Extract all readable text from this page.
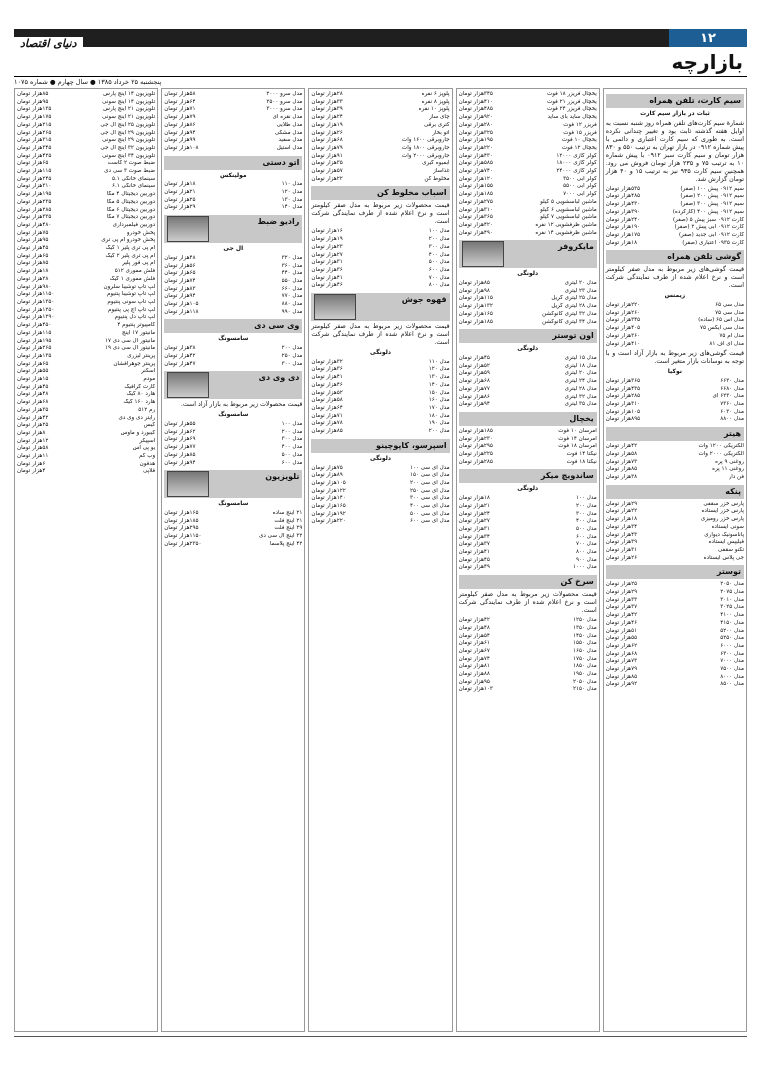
۱۲
دنیای اقتصاد
بازارچه
پنجشنبه ۲۵ خرداد ۱۳۸۵ ● سال چهارم ● شماره ۱۰۷۵
سیم کارت، تلفن همراه
ثبات در بازار سیم کارت
شمارهٔ سیم کارت‌های تلفن همراه روز شنبه نسبت به اوایل هفته گذشته ثابت بود و تغییر چندانی نکرده است. به طوری که سیم کارت اعتباری و دائمی با پیش شماره ۰۹۱۲ در بازار تهران به ترتیب ۵۵۰ و ۸۳۰ هزار تومان و سیم کارت سبز ۰۹۱۲ با پیش شماره ۱۰ به ترتیب ۷۵ و ۲۳۵ هزار تومان فروش می رود. همچنین سیم کارت ۹۳۵ نیز به ترتیب ۱۵ و ۴۰ هزار تومان گزارش شد.
سیم ۰۹۱۲ پیش ۱۰۰ (صفر)
۵۳۵هزار تومان
سیم ۰۹۱۲ پیش ۲۰۰ (صفر)
۴۸۵هزار تومان
سیم ۰۹۱۲ پیش ۳۰۰ (صفر)
۴۳۰هزار تومان
سیم ۰۹۱۲ پیش ۴۰۰ (کارکرده)
۳۹۰هزار تومان
کارت ۰۹۱۲ سبز پیش ۵ (صفر)
۲۴۰هزار تومان
کارت ۰۹۱۲ آبی پیش ۲ (صفر)
۱۹۰هزار تومان
کارت ۰۹۱۲ آبی جدید (صفر)
۱۷۵هزار تومان
کارت ۰۹۳۵ اعتباری (صفر)
۱۸هزار تومان
گوشی تلفن همراه
قیمت گوشی‌های زیر مربوط به مدل صفر کیلومتر است و نرخ اعلام شده از طرف نمایندگی شرکت است.
زیمنس
مدل سی ۶۵
۲۲۰هزار تومان
مدل سی ۷۵
۲۶۰هزار تومان
مدل اس ۶۵ (ساده)
۳۴۵هزار تومان
مدل سی ایکس ۷۵
۴۰۵هزار تومان
مدل ام ۷۵
۳۶۰هزار تومان
مدل ای اف ۸۱
۴۱۰هزار تومان
قیمت گوشی‌های زیر مربوط به بازار آزاد است و با توجه به نوسانات بازار متغیر است.
نوکیا
مدل ۶۶۳۰
۳۶۵هزار تومان
مدل ۶۶۸۰
۴۳۵هزار تومان
مدل ۶۲۳۰ آی
۲۸۵هزار تومان
مدل ۷۳۶۰
۳۱۰هزار تومان
مدل ۶۰۳۰
۱۰۵هزار تومان
مدل ۸۸۰۰
۸۹۵هزار تومان
هیتر
الکتریکی ۱۲۰۰ وات
۴۲هزار تومان
الکتریکی ۲۰۰۰ وات
۵۸هزار تومان
روغنی ۹ پره
۷۳هزار تومان
روغنی ۱۱ پره
۸۵هزار تومان
فن دار
۳۸هزار تومان
پنکه
پارس خزر سقفی
۲۹هزار تومان
پارس خزر ایستاده
۲۲هزار تومان
پارس خزر رومیزی
۱۸هزار تومان
سونی ایستاده
۳۴هزار تومان
پاناسونیک دیواری
۴۳هزار تومان
فیلیپس ایستاده
۳۹هزار تومان
تکنو سقفی
۳۱هزار تومان
جی پلاس ایستاده
۲۶هزار تومان
توستر
مدل ۲۰۵۰
۲۵هزار تومان
مدل ۲۰۷۵
۲۹هزار تومان
مدل ۳۰۱۰
۳۳هزار تومان
مدل ۳۰۲۵
۳۷هزار تومان
مدل ۴۱۰۰
۴۲هزار تومان
مدل ۴۱۵۰
۴۶هزار تومان
مدل ۵۲۰۰
۵۱هزار تومان
مدل ۵۲۵۰
۵۵هزار تومان
مدل ۶۰۰۰
۶۲هزار تومان
مدل ۶۳۰۰
۶۸هزار تومان
مدل ۷۰۰۰
۷۳هزار تومان
مدل ۷۵۰۰
۷۹هزار تومان
مدل ۸۰۰۰
۸۵هزار تومان
مدل ۸۵۰۰
۹۲هزار تومان
یخچال فریزر ۱۸ فوت
۳۴۵هزار تومان
یخچال فریزر ۲۱ فوت
۴۱۰هزار تومان
یخچال فریزر ۲۴ فوت
۴۸۵هزار تومان
یخچال ساید بای ساید
۹۲۰هزار تومان
فریزر ۱۲ فوت
۲۸۰هزار تومان
فریزر ۱۵ فوت
۳۲۵هزار تومان
یخچال ۱۰ فوت
۱۹۵هزار تومان
یخچال ۱۲ فوت
۲۲۰هزار تومان
کولر گازی ۱۲۰۰۰
۴۳۰هزار تومان
کولر گازی ۱۸۰۰۰
۵۸۵هزار تومان
کولر گازی ۲۴۰۰۰
۷۴۰هزار تومان
کولر آبی ۳۵۰۰
۱۲۰هزار تومان
کولر آبی ۵۵۰۰
۱۵۵هزار تومان
کولر آبی ۷۰۰۰
۱۸۵هزار تومان
ماشین لباسشویی ۵ کیلو
۲۷۵هزار تومان
ماشین لباسشویی ۶ کیلو
۳۱۰هزار تومان
ماشین لباسشویی ۷ کیلو
۳۶۵هزار تومان
ماشین ظرفشویی ۱۲ نفره
۴۲۰هزار تومان
ماشین ظرفشویی ۱۴ نفره
۴۹۰هزار تومان
مایکروفر
دلونگی
مدل ۲۰ لیتری
۸۵هزار تومان
مدل ۲۳ لیتری
۹۸هزار تومان
مدل ۲۵ لیتری گریل
۱۱۵هزار تومان
مدل ۲۸ لیتری گریل
۱۳۲هزار تومان
مدل ۳۲ لیتری کانوکشن
۱۶۵هزار تومان
مدل ۳۴ لیتری کانوکشن
۱۸۵هزار تومان
اون توستر
دلونگی
مدل ۱۵ لیتری
۴۵هزار تومان
مدل ۱۸ لیتری
۵۲هزار تومان
مدل ۲۰ لیتری
۵۹هزار تومان
مدل ۲۴ لیتری
۶۸هزار تومان
مدل ۲۸ لیتری
۷۷هزار تومان
مدل ۳۲ لیتری
۸۶هزار تومان
مدل ۳۵ لیتری
۹۴هزار تومان
یخچال
امرسان ۱۰ فوت
۱۸۵هزار تومان
امرسان ۱۴ فوت
۲۳۰هزار تومان
امرسان ۱۸ فوت
۲۹۵هزار تومان
نیکتا ۱۴ فوت
۲۲۵هزار تومان
نیکتا ۱۸ فوت
۲۸۵هزار تومان
ساندویچ میکر
دلونگی
مدل ۱۰۰
۱۸هزار تومان
مدل ۲۰۰
۲۱هزار تومان
مدل ۳۰۰
۲۴هزار تومان
مدل ۴۰۰
۲۷هزار تومان
مدل ۵۰۰
۳۱هزار تومان
مدل ۶۰۰
۳۴هزار تومان
مدل ۷۰۰
۳۷هزار تومان
مدل ۸۰۰
۴۱هزار تومان
مدل ۹۰۰
۴۵هزار تومان
مدل ۱۰۰۰
۴۹هزار تومان
سرخ کن
قیمت محصولات زیر مربوط به مدل صفر کیلومتر است و نرخ اعلام شده از طرف نمایندگی شرکت است.
مدل ۱۲۵۰
۴۲هزار تومان
مدل ۱۳۵۰
۴۸هزار تومان
مدل ۱۴۵۰
۵۴هزار تومان
مدل ۱۵۵۰
۶۱هزار تومان
مدل ۱۶۵۰
۶۷هزار تومان
مدل ۱۷۵۰
۷۴هزار تومان
مدل ۱۸۵۰
۸۱هزار تومان
مدل ۱۹۵۰
۸۸هزار تومان
مدل ۲۰۵۰
۹۵هزار تومان
مدل ۲۱۵۰
۱۰۳هزار تومان
پلوپز ۶ نفره
۲۸هزار تومان
پلوپز ۸ نفره
۳۳هزار تومان
پلوپز ۱۰ نفره
۳۹هزار تومان
چای ساز
۲۴هزار تومان
کتری برقی
۱۹هزار تومان
اتو بخار
۲۶هزار تومان
جاروبرقی ۱۶۰۰ وات
۶۸هزار تومان
جاروبرقی ۱۸۰۰ وات
۷۹هزار تومان
جاروبرقی ۲۰۰۰ وات
۹۱هزار تومان
آبمیوه گیری
۳۵هزار تومان
غذاساز
۵۷هزار تومان
مخلوط کن
۲۲هزار تومان
اسباب مخلوط کن
قیمت محصولات زیر مربوط به مدل صفر کیلومتر است و نرخ اعلام شده از طرف نمایندگی شرکت است.
مدل ۱۰۰
۱۶هزار تومان
مدل ۲۰۰
۱۹هزار تومان
مدل ۳۰۰
۲۳هزار تومان
مدل ۴۰۰
۲۷هزار تومان
مدل ۵۰۰
۳۱هزار تومان
مدل ۶۰۰
۳۶هزار تومان
مدل ۷۰۰
۴۱هزار تومان
مدل ۸۰۰
۴۶هزار تومان
قهوه جوش
قیمت محصولات زیر مربوط به مدل صفر کیلومتر است و نرخ اعلام شده از طرف نمایندگی شرکت است.
دلونگی
مدل ۱۱۰
۳۲هزار تومان
مدل ۱۲۰
۳۶هزار تومان
مدل ۱۳۰
۴۱هزار تومان
مدل ۱۴۰
۴۶هزار تومان
مدل ۱۵۰
۵۲هزار تومان
مدل ۱۶۰
۵۸هزار تومان
مدل ۱۷۰
۶۴هزار تومان
مدل ۱۸۰
۷۱هزار تومان
مدل ۱۹۰
۷۸هزار تومان
مدل ۲۰۰
۸۵هزار تومان
اسپرسو، کاپوچینو
دلونگی
مدل ای سی ۱۰۰
۷۵هزار تومان
مدل ای سی ۱۵۰
۸۹هزار تومان
مدل ای سی ۲۰۰
۱۰۵هزار تومان
مدل ای سی ۲۵۰
۱۲۲هزار تومان
مدل ای سی ۳۰۰
۱۴۰هزار تومان
مدل ای سی ۴۰۰
۱۶۵هزار تومان
مدل ای سی ۵۰۰
۱۹۲هزار تومان
مدل ای سی ۶۰۰
۲۲۰هزار تومان
مدل سرو ۲۰۰۰
۵۸هزار تومان
مدل سرو ۲۵۰۰
۶۴هزار تومان
مدل سرو ۳۰۰۰
۷۱هزار تومان
مدل نقره ای
۷۹هزار تومان
مدل طلایی
۸۶هزار تومان
مدل مشکی
۹۴هزار تومان
مدل سفید
۹۹هزار تومان
مدل استیل
۱۰۸هزار تومان
اتو دستی
مولینکس
مدل ۱۱۰
۱۸هزار تومان
مدل ۱۲۰
۲۱هزار تومان
مدل ۱۳۰
۲۵هزار تومان
مدل ۱۴۰
۲۹هزار تومان
رادیو ضبط
ال جی
مدل ۳۲۰
۴۸هزار تومان
مدل ۳۶۰
۵۶هزار تومان
مدل ۴۴۰
۶۵هزار تومان
مدل ۵۵۰
۷۴هزار تومان
مدل ۶۶۰
۸۳هزار تومان
مدل ۷۷۰
۹۴هزار تومان
مدل ۸۸۰
۱۰۵هزار تومان
مدل ۹۹۰
۱۱۸هزار تومان
وی سی دی
سامسونگ
مدل ۲۰۰
۳۸هزار تومان
مدل ۲۵۰
۴۲هزار تومان
مدل ۳۰۰
۴۷هزار تومان
دی وی دی
قیمت محصولات زیر مربوط به بازار آزاد است.
سامسونگ
مدل ۱۰۰
۵۵هزار تومان
مدل ۲۰۰
۶۲هزار تومان
مدل ۳۰۰
۶۹هزار تومان
مدل ۴۰۰
۷۷هزار تومان
مدل ۵۰۰
۸۵هزار تومان
مدل ۶۰۰
۹۴هزار تومان
تلویزیون
سامسونگ
۲۱ اینچ ساده
۱۶۵هزار تومان
۲۱ اینچ فلت
۱۸۵هزار تومان
۲۹ اینچ فلت
۲۹۵هزار تومان
۳۲ اینچ ال سی دی
۱۱۵۰هزار تومان
۴۲ اینچ پلاسما
۲۳۵۰هزار تومان
تلویزیون ۱۴ اینچ پارس
۸۵هزار تومان
تلویزیون ۱۴ اینچ سونی
۹۵هزار تومان
تلویزیون ۲۱ اینچ پارس
۱۳۵هزار تومان
تلویزیون ۲۱ اینچ سونی
۱۷۵هزار تومان
تلویزیون ۲۵ اینچ ال جی
۲۱۵هزار تومان
تلویزیون ۲۹ اینچ ال جی
۲۶۵هزار تومان
تلویزیون ۲۹ اینچ سونی
۳۱۵هزار تومان
تلویزیون ۳۲ اینچ ال جی
۳۴۵هزار تومان
تلویزیون ۳۴ اینچ سونی
۴۲۵هزار تومان
ضبط صوت ۲ کاست
۶۵هزار تومان
ضبط صوت ۳ سی دی
۱۱۵هزار تومان
سینمای خانگی ۵.۱
۲۴۵هزار تومان
سینمای خانگی ۶.۱
۳۱۰هزار تومان
دوربین دیجیتال ۴ مگا
۱۹۵هزار تومان
دوربین دیجیتال ۵ مگا
۲۳۵هزار تومان
دوربین دیجیتال ۶ مگا
۲۸۵هزار تومان
دوربین دیجیتال ۷ مگا
۳۳۵هزار تومان
دوربین فیلمبرداری
۴۸۰هزار تومان
پخش خودرو
۷۵هزار تومان
پخش خودرو ام پی تری
۹۵هزار تومان
ام پی تری پلیر ۱ گیگ
۴۵هزار تومان
ام پی تری پلیر ۲ گیگ
۶۵هزار تومان
ام پی فور پلیر
۸۵هزار تومان
فلش مموری ۵۱۲
۱۸هزار تومان
فلش مموری ۱ گیگ
۲۸هزار تومان
لپ تاپ توشیبا سلرون
۹۸۰هزار تومان
لپ تاپ توشیبا پنتیوم
۱۱۵۰هزار تومان
لپ تاپ سونی پنتیوم
۱۳۵۰هزار تومان
لپ تاپ اچ پی پنتیوم
۱۲۵۰هزار تومان
لپ تاپ دل پنتیوم
۱۲۹۰هزار تومان
کامپیوتر پنتیوم ۴
۴۵۰هزار تومان
مانیتور ۱۷ اینچ
۱۱۵هزار تومان
مانیتور ال سی دی ۱۷
۱۹۵هزار تومان
مانیتور ال سی دی ۱۹
۲۶۵هزار تومان
پرینتر لیزری
۱۳۵هزار تومان
پرینتر جوهرافشان
۶۵هزار تومان
اسکنر
۵۵هزار تومان
مودم
۱۵هزار تومان
کارت گرافیک
۴۵هزار تومان
هارد ۸۰ گیگ
۴۸هزار تومان
هارد ۱۶۰ گیگ
۶۸هزار تومان
رم ۵۱۲
۳۵هزار تومان
رایتر دی وی دی
۴۲هزار تومان
کیس
۲۵هزار تومان
کیبورد و ماوس
۸هزار تومان
اسپیکر
۱۲هزار تومان
یو پی اس
۵۸هزار تومان
وب کم
۱۱هزار تومان
هدفون
۶هزار تومان
فلاپی
۴هزار تومان
